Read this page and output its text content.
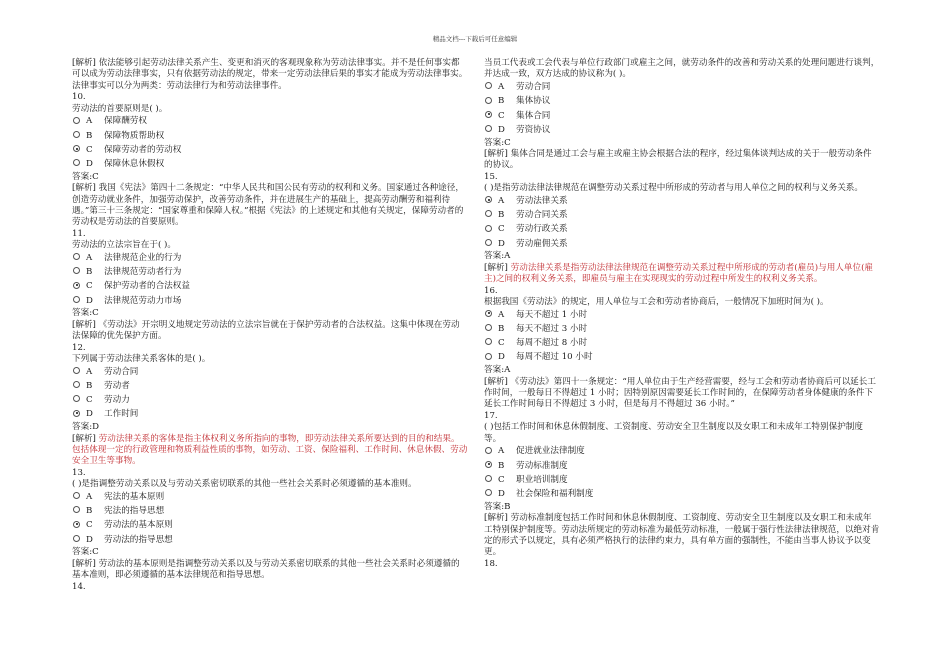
精品文档---下载后可任意编辑
[解析] 依法能够引起劳动法律关系产生、变更和消灭的客观现象称为劳动法律事实。并不是任何事实都可以成为劳动法律事实，只有依据劳动法的规定，带来一定劳动法律后果的事实才能成为劳动法律事实。法律事实可以分为两类：劳动法律行为和劳动法律事件。
10.
劳动法的首要原则是( )。
A	保障酬劳权
B	保障物质帮助权
C	保障劳动者的劳动权
D	保障休息休假权
答案:C
[解析] 我国《宪法》第四十二条规定：“中华人民共和国公民有劳动的权利和义务。国家通过各种途径，创造劳动就业条件，加强劳动保护，改善劳动条件，并在进展生产的基础上，提高劳动酬劳和福利待遇。”第三十三条规定：“国家尊重和保障人权。”根据《宪法》的上述规定和其他有关规定，保障劳动者的劳动权是劳动法的首要原则。
11.
劳动法的立法宗旨在于( )。
A	法律规范企业的行为
B	法律规范劳动者行为
C	保护劳动者的合法权益
D	法律规范劳动力市场
答案:C
[解析] 《劳动法》开宗明义地规定劳动法的立法宗旨就在于保护劳动者的合法权益。这集中体现在劳动法保障的优先保护方面。
12.
下列属于劳动法律关系客体的是( )。
A	劳动合同
B	劳动者
C	劳动力
D	工作时间
答案:D
[解析] 劳动法律关系的客体是指主体权利义务所指向的事物，即劳动法律关系所要达到的目的和结果。包括体现一定的行政管理和物质利益性质的事物，如劳动、工资、保险福利、工作时间、休息休假、劳动安全卫生等事物。
13.
( )是指调整劳动关系以及与劳动关系密切联系的其他一些社会关系时必须遵循的基本准则。
A	宪法的基本原则
B	宪法的指导思想
C	劳动法的基本原则
D	劳动法的指导思想
答案:C
[解析] 劳动法的基本原则是指调整劳动关系以及与劳动关系密切联系的其他一些社会关系时必须遵循的基本准则，即必须遵循的基本法律规范和指导思想。
14.
当员工代表或工会代表与单位行政部门或雇主之间，就劳动条件的改善和劳动关系的处理问题进行谈判，并达成一致，双方达成的协议称为( )。
A	劳动合同
B	集体协议
C	集体合同
D	劳资协议
答案:C
[解析] 集体合同是通过工会与雇主或雇主协会根据合法的程序，经过集体谈判达成的关于一般劳动条件的协议。
15.
( )是指劳动法律法律规范在调整劳动关系过程中所形成的劳动者与用人单位之间的权利与义务关系。
A	劳动法律关系
B	劳动合同关系
C	劳动行政关系
D	劳动雇佣关系
答案:A
[解析] 劳动法律关系是指劳动法律法律规范在调整劳动关系过程中所形成的劳动者(雇员)与用人单位(雇主)之间的权利义务关系，即雇员与雇主在实现现实的劳动过程中所发生的权利义务关系。
16.
根据我国《劳动法》的规定，用人单位与工会和劳动者协商后，一般情况下加班时间为( )。
A	每天不超过 1 小时
B	每天不超过 3 小时
C	每周不超过 8 小时
D	每周不超过 10 小时
答案:A
[解析] 《劳动法》第四十一条规定：“用人单位由于生产经营需要，经与工会和劳动者协商后可以延长工作时间，一般每日不得超过 1 小时；因特别原因需要延长工作时间的，在保障劳动者身体健康的条件下延长工作时间每日不得超过 3 小时，但是每月不得超过 36 小时。”
17.
( )包括工作时间和休息休假制度、工资制度、劳动安全卫生制度以及女职工和未成年工特别保护制度等。
A	促进就业法律制度
B	劳动标准制度
C	职业培训制度
D	社会保险和福利制度
答案:B
[解析] 劳动标准制度包括工作时间和休息休假制度、工资制度、劳动安全卫生制度以及女职工和未成年工特别保护制度等。劳动法所规定的劳动标准为最低劳动标准，一般属于强行性法律法律规范，以绝对肯定的形式予以规定，具有必须严格执行的法律约束力，具有单方面的强制性，不能由当事人协议予以变更。
18.
